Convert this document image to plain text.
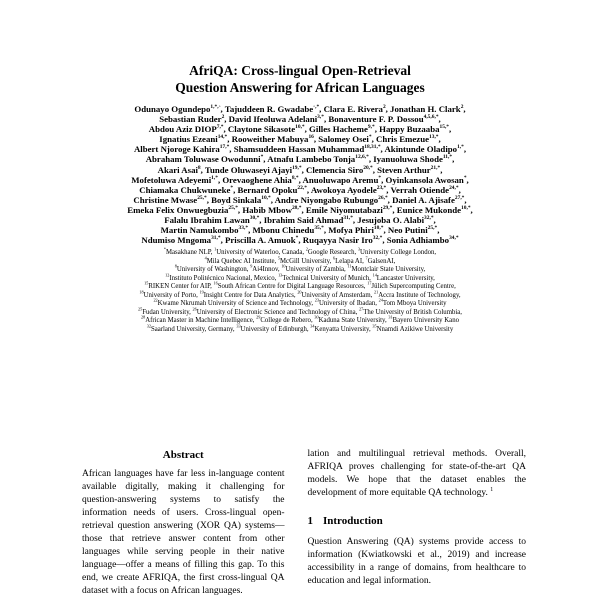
AfriQA: Cross-lingual Open-Retrieval
Question Answering for African Languages
Odunayo Ogundepo$^{1,*,◦}$, Tajuddeen R. Gwadabe◦,*, Clara E. Rivera$^2$, Jonathan H. Clark$^2$,
Sebastian Ruder$^2$, David Ifeoluwa Adelani$^{3,*}$, Bonaventure F. P. Dossou$^{4,5,6,*}$,
Abdou Aziz $DIOP^{7,*}$, Claytone Sikasote$^{10,*}$, Gilles Hacheme$^{9,*}$, Happy Buzaaba$^{15,*}$,
Ignatius Ezeani$^{14,*}$, Rooweither Mabuya$^{16}$, Salomey Osei*, Chris Emezue$^{13,*}$,
Albert Njoroge Kahira$^{17,*}$, Shamsuddeen Hassan Muhammad$^{18,31,*}$, Akintunde Oladipo$^{1,*}$,
Abraham Toluwase Owodunni*, Atnafu Lambebo Tonja$^{12,6,*}$, Iyanuoluwa Shode$^{11,*}$,
Akari Asai$^8$, Tunde Oluwaseyi Ajayi$^{19,*}$, Clemencia Siro$^{20,*}$, Steven Arthur$^{21,*}$,
Mofetoluwa Adeyemi$^{1,*}$, Orevaoghene Ahia$^{8,*}$, Anuoluwapo Aremu*, Oyinkansola Awosan*,
Chiamaka Chukwuneke*, Bernard Opoku$^{22,*}$, Awokoya Ayodele$^{23,*}$, Verrah Otiende$^{24,*}$,
Christine Mwase$^{25,*}$, Boyd Sinkala$^{10,*}$, Andre Niyongabo Rubungo$^{26,*}$, Daniel A. Ajisafe$^{27,*}$,
Emeka Felix Onwuegbuzia$^{25,*}$, Habib Mbow$^{28,*}$, Emile Niyomutabazi$^{29,*}$, Eunice Mukonde$^{10,*}$,
Falalu Ibrahim Lawan$^{30,*}$, Ibrahim Said Ahmad$^{31,*}$, Jesujoba O. Alabi$^{32,*}$,
Martin Namukombo$^{33,*}$, Mbonu Chinedu$^{35,*}$, Mofya Phiri$^{10,*}$, Neo Putini$^{25,*}$,
Ndumiso Mngoma$^{31,*}$, Priscilla A. Amuok*, Ruqayya Nasir Iro$^{32,*}$, Sonia Adhiambo$^{34,*}$
*Masakhane NLP, $^1$University of Waterloo, Canada, $^2$Google Research, $^3$University College London,
$^4$Mila Quebec AI Institute, $^5$McGill University, $^6$Lelapa AI, $^7$GalsenAI,
$^8$University of Washington, $^9$Ai4Innov, $^{10}$University of Zambia, $^{11}$Montclair State University,
$^{12}$Instituto Politécnico Nacional, Mexico, $^{13}$Technical University of Munich, $^{14}$Lancaster University,
$^{15}$RIKEN Center for AIP, $^{16}$South African Centre for Digital Language Resources, $^{17}$Jülich Supercomputing Centre,
$^{18}$University of Porto, $^{19}$Insight Centre for Data Analytics, $^{20}$University of Amsterdam, $^{21}$Accra Institute of Technology,
$^{22}$Kwame Nkrumah University of Science and Technology, $^{23}$University of Ibadan, $^{24}$Tom Mboya University
$^{25}$Fudan University, $^{26}$University of Electronic Science and Technology of China, $^{27}$The University of British Columbia,
$^{28}$African Master in Machine Intelligence, $^{29}$College de Rebero, $^{30}$Kaduna State University, $^{31}$Bayero University Kano
$^{32}$Saarland University, Germany, $^{33}$University of Edinburgh, $^{34}$Kenyatta University, $^{35}$Nnamdi Azikiwe University
Abstract
African languages have far less in-language content available digitally, making it challenging for question-answering systems to satisfy the information needs of users. Cross-lingual open-retrieval question answering (XOR QA) systems—those that retrieve answer content from other languages while serving people in their native language—offer a means of filling this gap. To this end, we create AFRIQA, the first cross-lingual QA dataset with a focus on African languages.
lation and multilingual retrieval methods. Overall, AFRIQA proves challenging for state-of-the-art QA models. We hope that the dataset enables the development of more equitable QA technology. $^1$
1 Introduction
Question Answering (QA) systems provide access to information (Kwiatkowski et al., 2019) and increase accessibility in a range of domains, from healthcare to education and legal information.
